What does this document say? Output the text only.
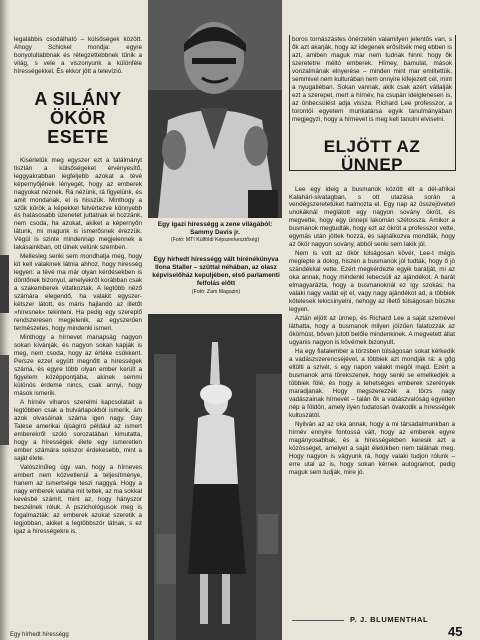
legalábbis csodálható – külsőségek között. Ahogy Schickel mondja: egyre bonyolultabbnak és rétegzettebbnek tűnik a világ, s vele a viszonyunk a különféle hírességekkel. És ekkor jött a televízió.

A SILÁNY ÖKÖR ESETE

Kisérletük meg egyszer ezt a találmányt tisztán a külsőségeket érvényesítő, leggyakrabban legfeljebb azokat a tévé képernyőjének lényegét, hogy az emberek nagyokat néznek. Rá nézünk, rá figyelünk, és amit mondanak, el is hisszük. Minthogy a szűk körök a képekkel felvértezve könnyebb és hatásosabb üzenetet juttatnak el hozzánk, nem csoda, ha azokat, akiket a képernyőn látunk, mi magunk is ismerősnek érezzük. Végül is szinte mindennap megjelennek a lakásainkban, ott ülnek velünk szemben.

Mellesleg senki sem mondhatja meg, hogy kit kell valakinek látnia ahhoz, hogy hiresség legyen: a tévé ma már olyan kérdésekben is döntőnek bizonyul, amelyekről korábban csak a szakemberek vitatkoztak. A legtöbb néző számára elegendő, ha valakit egyszer-kétszer látott, és máris hajlandó az illetőt »híresnek« tekinteni. Ha pedig egy szereplő rendszeresen megjelenik, az egyszerűen természetes, hogy mindenki ismeri.

Minthogy a hírnevet manapság nagyon sokan kívánják, és nagyon sokan kapják is meg, nem csoda, hogy az értéke csökkent. Persze ezzel együtt megnőtt a hírességek száma, és egyre több olyan ember került a figyelem középpontjába, akinek semmi különös érdeme nincs, csak annyi, hogy mások ismerik.

A hírnév viharos szerelmi kapcsolatait a legtöbben csak a bulvárlapokból ismerik, ám azok olvasóinak száma igen nagy. Gay Talese amerikai újságíró például az ismert emberekről szóló sorozatában kimutatta, hogy a hírességek élete egy ismeretlen ember számára sokszor érdekesebb, mint a saját élete.

Valószínűleg úgy van, hogy a hírneves embert nem közvetlenül a teljesítménye, hanem az ismertsége teszi naggyá. Hogy a nagy emberek valaha mit tettek, az ma sokkal kevésbé számít, mint az, hogy hányszor beszélnek róluk. A pszichológusok meg is fogalmazták: az emberek azokat szeretik a legjobban, akiket a legtöbbször látnak, s ez igaz a hírességekre is.

Egy igazi hírességg a zene világából: Sammy Davis jr.
(Fotó: MTI KülföIdi Képszerkesztőség)
Egy hírhedt hírességg vált hírénékünyva Ilona Staller – szüttal néhában, az olasz képviselőház kepuljében, első parlamenti felfolás előtt
(Fotó: Zam Magazin)

boros tornászástes önérzetén valamilyen jelentős van, s ők azt akarják, hogy az idegenek erősítsék meg ebben is azt, amiben maguk mar nem tudnak hinni: hogy ők szeretetre méltó emberek. Hímey, bamulat, mások vonzalmának elnyerése – minden mint mar említettük, semmivel nem kulturában nem onnyire kifejezett cél, mint a nyugatiéban. Sokan vannak, akik csak azért vállalják ezt a szerepet, mert a hírnév, ha csupán ideiglenesen is, az önbecsülést adja vissza. Richard Lee professzor, a torontói egyetem munkatársa egyik tanulmányában megjegyzi, hogy a hírnevet is meg kell tanulni elviselni.

ELJÖTT AZ ÜNNEP

Lee egy ideig a busmanok között élt a dél-afrikai Kalahári-sivatagban, s ott utazása során a vendégszeretetüket halmozta el. Egy nap az összejöveteli unokáknál meglátott egy nagyon sovány ökröt, és megvette, hogy egy ünnepi lakomán szétossza. Amikor a busmanok megtudták, hogy ezt az ökröt a professzor vette, egymás után jöttek hozzá, és sajnálkozva mondták, hogy az ökör nagyon sovány, abból senki sem lakik jól.

Nem is volt az ökör túlságosan kövér, Lee-t mégis meglepte a dolog, hiszen a busmanok jól tudták, hogy ő jó szándékkal vette. Ezért megkérdezte egyik barátját, mi az oka annak, hogy mindenki lebecsüli az ajándékot. A barát elmagyarázta, hogy a busmanoknál ez így szokás: ha valaki nagy vadat ejt el, vagy nagy ajándékot ad, a többiek kötelesek lekicsinyelni, nehogy az illető túlságosan büszke legyen.

Aztán eljött az ünnep, és Richard Lee a saját szemével láthatta, hogy a busmanok milyen jóízűen falatozzák az ökörhúst, bőven jutott belőle mindenkinek. A megvetett állat ugyanis nagyon is kövérnek bizonyult.

Ha egy fiatalember a törzsben túlságosan sokat kérkedik a vadászszerencséjével, a többiek azt mondják rá: a gőg eltölti a szívét, s egy napon valakit megöl majd. Ezért a busmanok arra törekszenek, hogy senki se emelkedjék a többiek fölé, és hogy a tehetséges emberek szerények maradjanak. Hogy megszerezzék a törzs nagy vadászainak hírnevét – talán ők a vadászvalóság egyetlen nép a földön, amely ilyen tudatosan óvakodik a hírességek kultuszától.

Nyilván az az oka annak, hogy a mi társadalmunkban a hírnév ennyire fontossá vált, hogy az emberek egyre magányosabbak, és a hírességekben keresik azt a közösséget, amelyet a saját életükben nem találnak meg. Hogy nagyon is vágyunk rá, hogy valaki tudjon rólunk – erre utal az is, hogy sokan kérnek autogramot, pedig maguk sem tudják, mire jó.

P. J. BLUMENTHAL
45
Egy hírhedt hírességg
